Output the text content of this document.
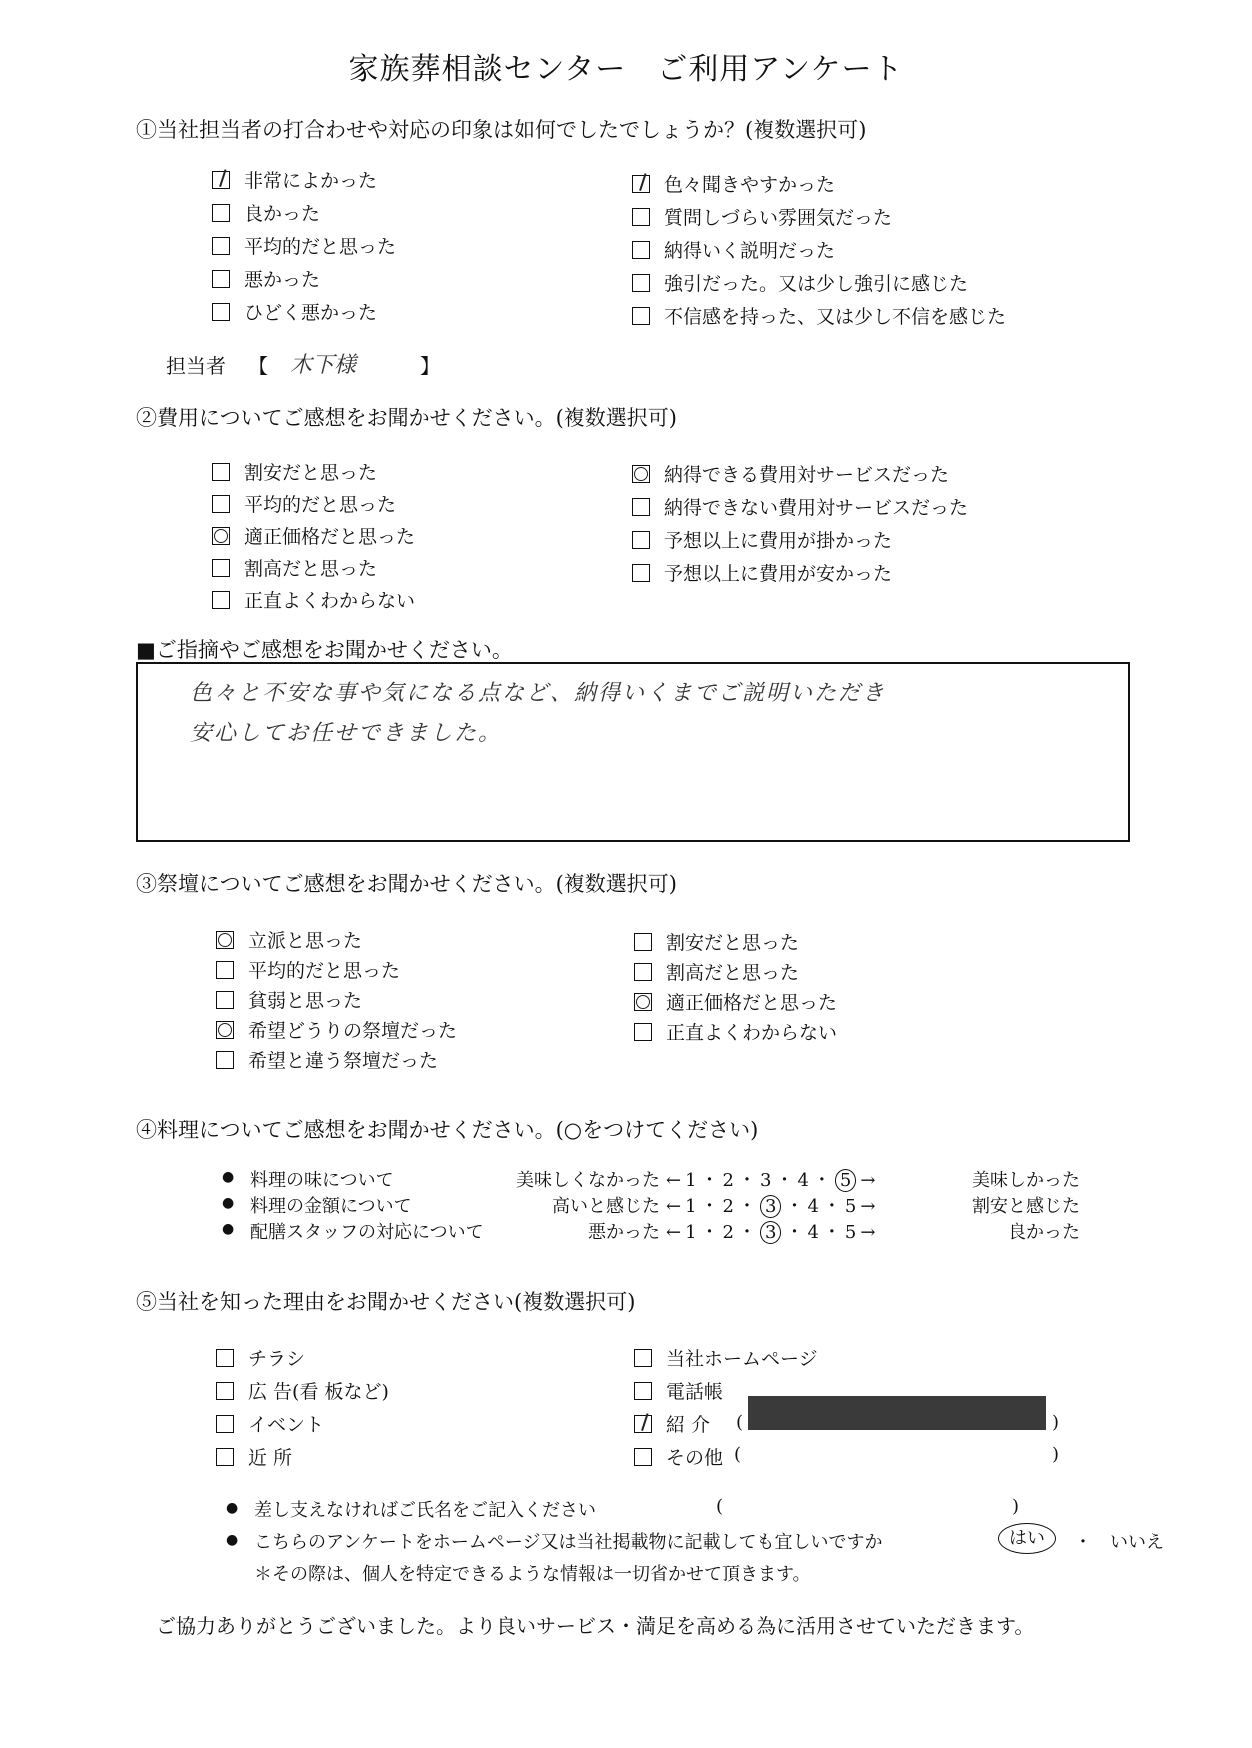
家族葬相談センター　ご利用アンケート
①当社担当者の打合わせや対応の印象は如何でしたでしょうか？(複数選択可)
非常によかった
良かった
平均的だと思った
悪かった
ひどく悪かった
色々聞きやすかった
質問しづらい雰囲気だった
納得いく説明だった
強引だった。又は少し強引に感じた
不信感を持った、又は少し不信を感じた
担当者 【 木下様	】
②費用についてご感想をお聞かせください。(複数選択可)
割安だと思った
平均的だと思った
適正価格だと思った
割高だと思った
正直よくわからない
納得できる費用対サービスだった
納得できない費用対サービスだった
予想以上に費用が掛かった
予想以上に費用が安かった
■ご指摘やご感想をお聞かせください。
色々と不安な事や気になる点など、納得いくまでご説明いただき
安心してお任せできました。
③祭壇についてご感想をお聞かせください。(複数選択可)
立派と思った
平均的だと思った
貧弱と思った
希望どうりの祭壇だった
希望と違う祭壇だった
割安だと思った
割高だと思った
適正価格だと思った
正直よくわからない
④料理についてご感想をお聞かせください。(○をつけてください)
● 料理の味について	美味しくなかった ← 1 ・ 2 ・ 3 ・ 4 ・ 5 →	美味しかった
● 料理の金額について	高いと感じた ← 1 ・ 2 ・ 3 ・ 4 ・ 5 →	割安と感じた
● 配膳スタッフの対応について	悪かった ← 1 ・ 2 ・ 3 ・ 4 ・ 5 →	良かった
⑤当社を知った理由をお聞かせください(複数選択可)
チラシ
広 告(看 板など)
イベント
近 所
当社ホームページ
電話帳
紹 介
その他
(	)
(	)
● 差し支えなければご氏名をご記入ください	(	)
● こちらのアンケートをホームページ又は当社掲載物に記載しても宜しいですか	はい	・ いいえ
＊その際は、個人を特定できるような情報は一切省かせて頂きます。
ご協力ありがとうございました。より良いサービス・満足を高める為に活用させていただきます。
